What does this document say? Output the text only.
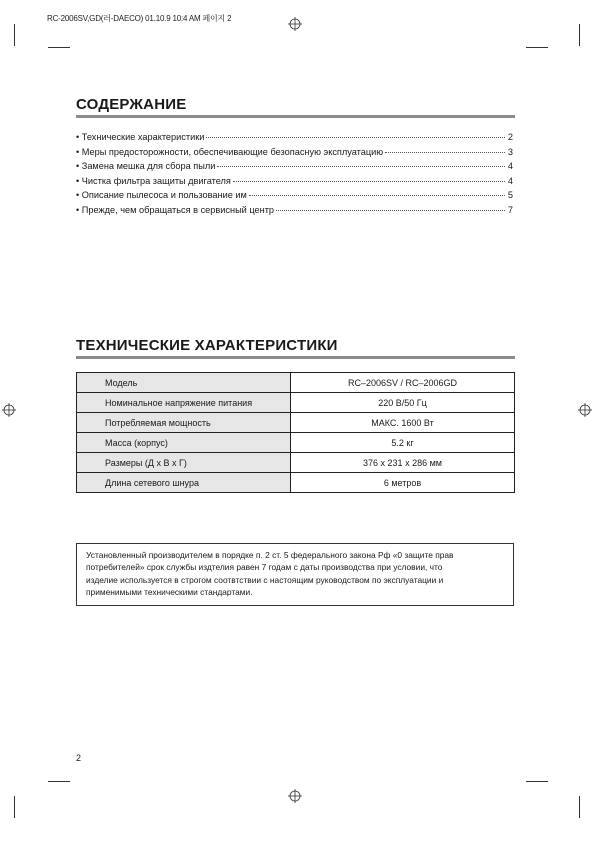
RC-2006SV,GD(러-DAECO) 01.10.9 10:4 AM 페이지 2
СОДЕРЖАНИЕ
• Технические характеристики	2
• Меры предосторожности, обеспечивающие безопасную эксплуатацию	3
• Замена мешка для сбора пыли	4
• Чистка фильтра защиты двигателя	4
• Описание пылесоса и пользование им	5
• Прежде, чем обращаться в сервисный центр	7
ТЕХНИЧЕСКИЕ ХАРАКТЕРИСТИКИ
Модель	RC–2006SV / RC–2006GD
Номинальное напряжение питания	220 В/50 Гц
Потребляемая мощность	МАКС. 1600 Вт
Масса (корпус)	5.2 кг
Размеры (Д х В х Г)	376 x 231 x 286 мм
Длина сетевого шнура	6 метров
Установленный производителем в порядке п. 2 ст. 5 федерального закона Рф «0 защите прав
потребителей» срок службы издтелия равен 7 годам с даты производства при условии, что
изделие используется в строгом соотвтствии с настоящим руководством по эксплуатации и
применимыми техническими стандартами.
2
